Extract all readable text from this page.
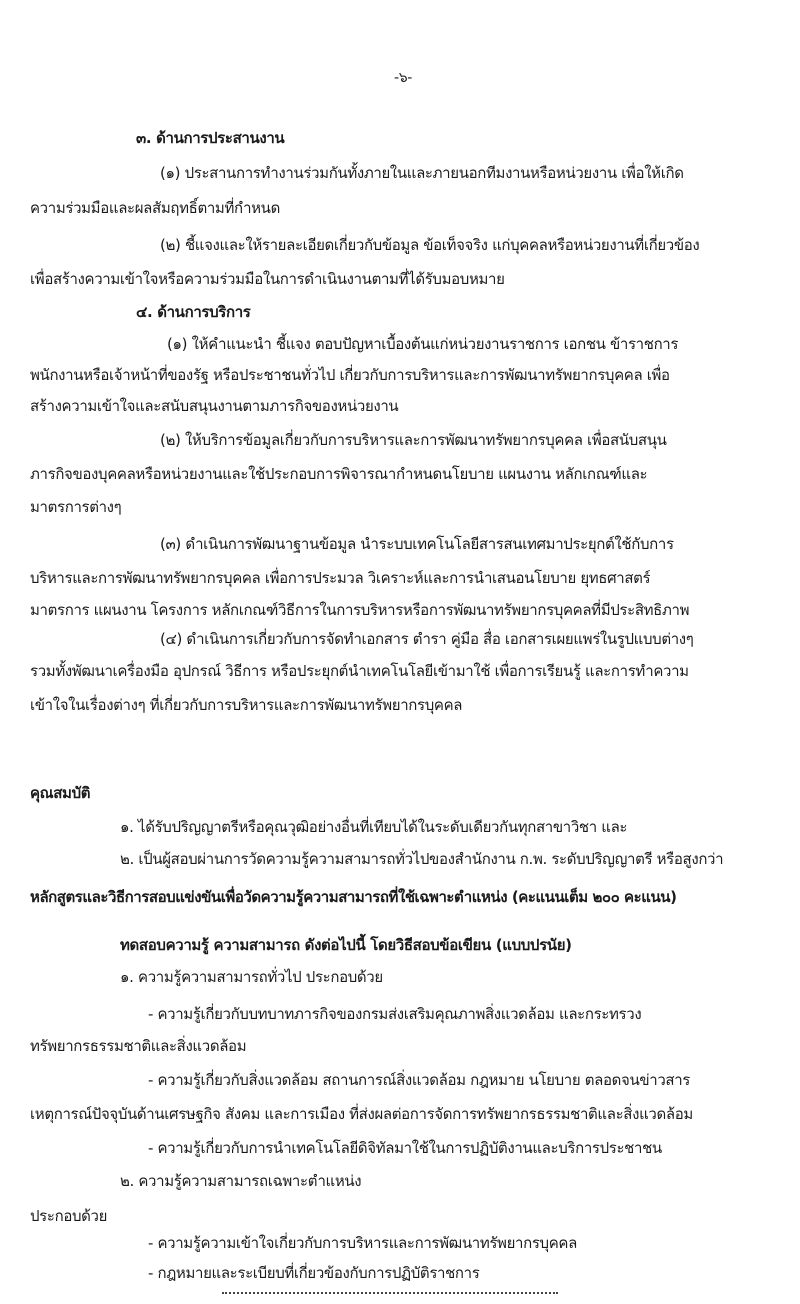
-๖-
๓. ด้านการประสานงาน
(๑) ประสานการทำงานร่วมกันทั้งภายในและภายนอกทีมงานหรือหน่วยงาน เพื่อให้เกิด
ความร่วมมือและผลสัมฤทธิ์ตามที่กำหนด
(๒) ชี้แจงและให้รายละเอียดเกี่ยวกับข้อมูล ข้อเท็จจริง แก่บุคคลหรือหน่วยงานที่เกี่ยวข้อง
เพื่อสร้างความเข้าใจหรือความร่วมมือในการดำเนินงานตามที่ได้รับมอบหมาย
๔. ด้านการบริการ
(๑) ให้คำแนะนำ ชี้แจง ตอบปัญหาเบื้องต้นแก่หน่วยงานราชการ เอกชน ข้าราชการ
พนักงานหรือเจ้าหน้าที่ของรัฐ หรือประชาชนทั่วไป เกี่ยวกับการบริหารและการพัฒนาทรัพยากรบุคคล เพื่อ
สร้างความเข้าใจและสนับสนุนงานตามภารกิจของหน่วยงาน
(๒) ให้บริการข้อมูลเกี่ยวกับการบริหารและการพัฒนาทรัพยากรบุคคล เพื่อสนับสนุน
ภารกิจของบุคคลหรือหน่วยงานและใช้ประกอบการพิจารณากำหนดนโยบาย แผนงาน หลักเกณฑ์และ
มาตรการต่างๆ
(๓) ดำเนินการพัฒนาฐานข้อมูล นำระบบเทคโนโลยีสารสนเทศมาประยุกต์ใช้กับการ
บริหารและการพัฒนาทรัพยากรบุคคล เพื่อการประมวล วิเคราะห์และการนำเสนอนโยบาย ยุทธศาสตร์
มาตรการ แผนงาน โครงการ หลักเกณฑ์วิธีการในการบริหารหรือการพัฒนาทรัพยากรบุคคลที่มีประสิทธิภาพ
(๔) ดำเนินการเกี่ยวกับการจัดทำเอกสาร ตำรา คู่มือ สื่อ เอกสารเผยแพร่ในรูปแบบต่างๆ
รวมทั้งพัฒนาเครื่องมือ อุปกรณ์ วิธีการ หรือประยุกต์นำเทคโนโลยีเข้ามาใช้ เพื่อการเรียนรู้ และการทำความ
เข้าใจในเรื่องต่างๆ ที่เกี่ยวกับการบริหารและการพัฒนาทรัพยากรบุคคล
คุณสมบัติ
๑. ได้รับปริญญาตรีหรือคุณวุฒิอย่างอื่นที่เทียบได้ในระดับเดียวกันทุกสาขาวิชา และ
๒. เป็นผู้สอบผ่านการวัดความรู้ความสามารถทั่วไปของสำนักงาน ก.พ. ระดับปริญญาตรี หรือสูงกว่า
หลักสูตรและวิธีการสอบแข่งขันเพื่อวัดความรู้ความสามารถที่ใช้เฉพาะตำแหน่ง (คะแนนเต็ม ๒๐๐ คะแนน)
ทดสอบความรู้ ความสามารถ ดังต่อไปนี้ โดยวิธีสอบข้อเขียน (แบบปรนัย)
๑. ความรู้ความสามารถทั่วไป ประกอบด้วย
- ความรู้เกี่ยวกับบทบาทภารกิจของกรมส่งเสริมคุณภาพสิ่งแวดล้อม และกระทรวง
ทรัพยากรธรรมชาติและสิ่งแวดล้อม
- ความรู้เกี่ยวกับสิ่งแวดล้อม สถานการณ์สิ่งแวดล้อม กฎหมาย นโยบาย ตลอดจนข่าวสาร
เหตุการณ์ปัจจุบันด้านเศรษฐกิจ สังคม และการเมือง ที่ส่งผลต่อการจัดการทรัพยากรธรรมชาติและสิ่งแวดล้อม
- ความรู้เกี่ยวกับการนำเทคโนโลยีดิจิทัลมาใช้ในการปฏิบัติงานและบริการประชาชน
๒. ความรู้ความสามารถเฉพาะตำแหน่ง
ประกอบด้วย
- ความรู้ความเข้าใจเกี่ยวกับการบริหารและการพัฒนาทรัพยากรบุคคล
- กฎหมายและระเบียบที่เกี่ยวข้องกับการปฏิบัติราชการ
